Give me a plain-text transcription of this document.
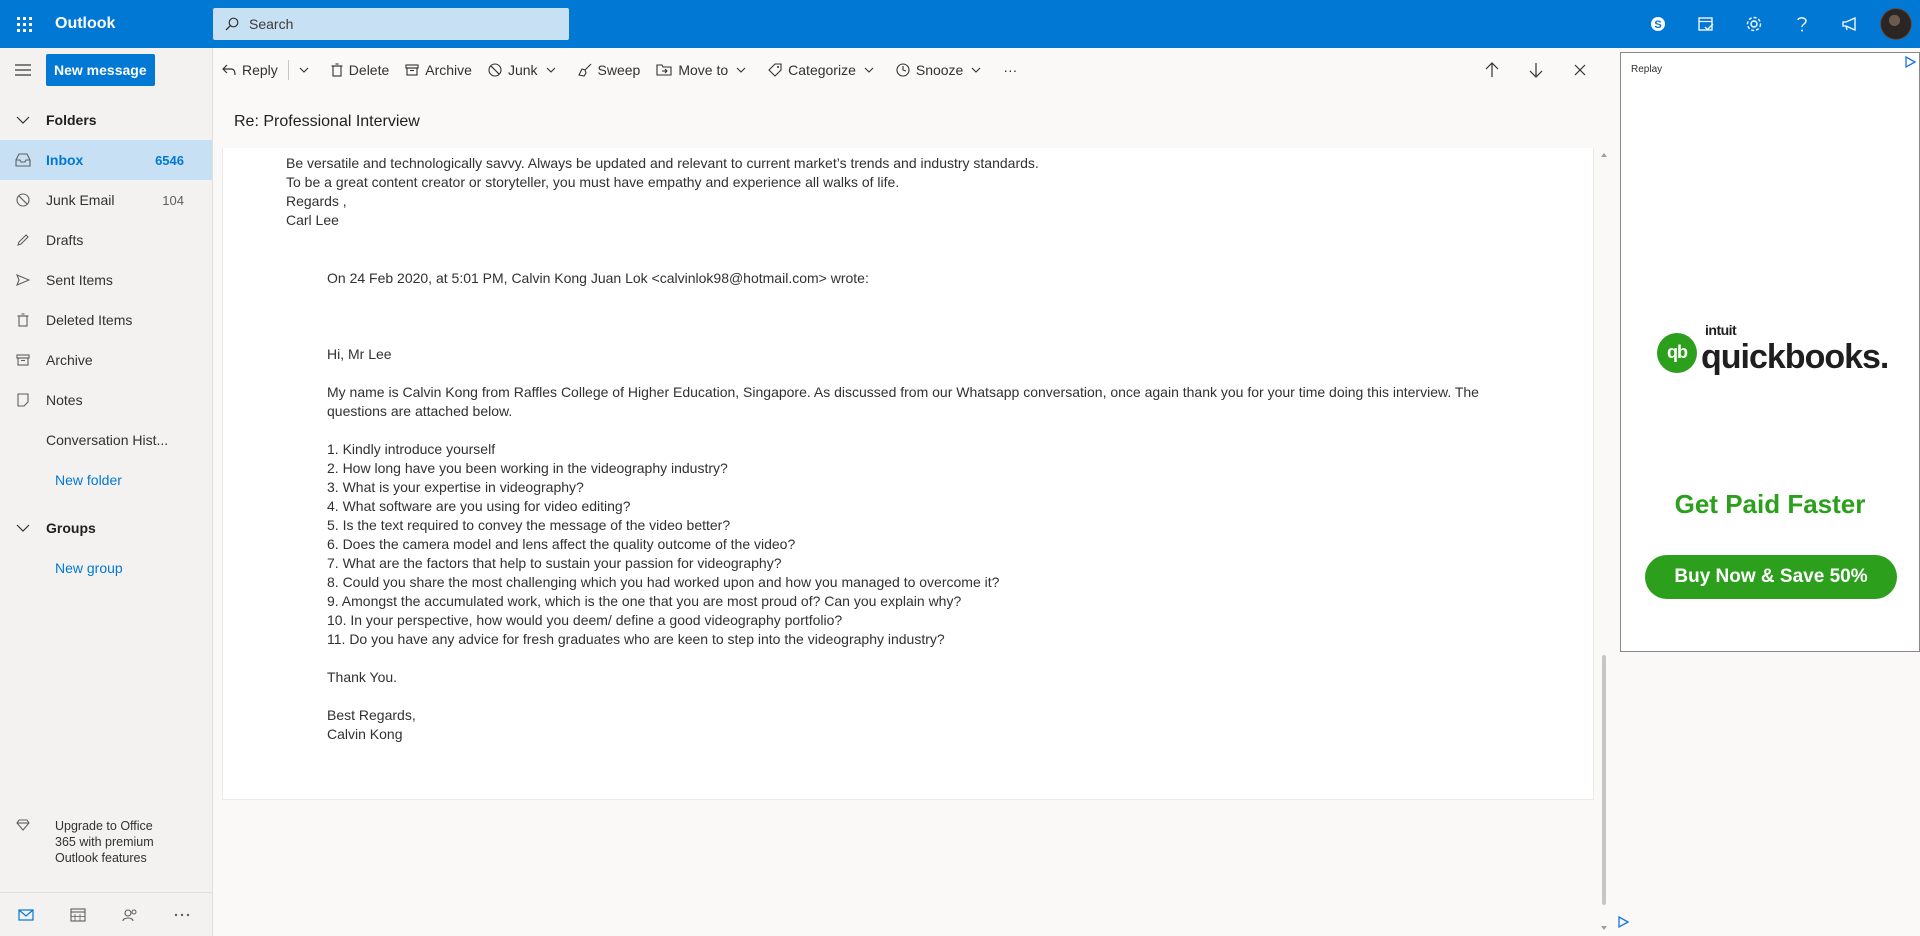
Outlook	Search	S
New message
Folders
Inbox	6546
Junk Email	104
Drafts
Sent Items
Deleted Items
Archive
Notes
Conversation Hist...
New folder
Groups
New group
Upgrade to Office 365 with premium Outlook features
Reply	Delete	Archive	Junk	Sweep	Move to	Categorize	Snooze	···
Re: Professional Interview

Be versatile and technologically savvy. Always be updated and relevant to current market’s trends and industry standards.

To be a great content creator or storyteller, you must have empathy and experience all walks of life.

Regards ,

Carl Lee

On 24 Feb 2020, at 5:01 PM, Calvin Kong Juan Lok <calvinlok98@hotmail.com> wrote:

Hi, Mr Lee

My name is Calvin Kong from Raffles College of Higher Education, Singapore. As discussed from our Whatsapp conversation, once again thank you for your time doing this interview. The

questions are attached below.

1. Kindly introduce yourself

2. How long have you been working in the videography industry?

3. What is your expertise in videography?

4. What software are you using for video editing?

5. Is the text required to convey the message of the video better?

6. Does the camera model and lens affect the quality outcome of the video?

7. What are the factors that help to sustain your passion for videography?

8. Could you share the most challenging which you had worked upon and how you managed to overcome it?

9. Amongst the accumulated work, which is the one that you are most proud of? Can you explain why?

10. In your perspective, how would you deem/ define a good videography portfolio?

11. Do you have any advice for fresh graduates who are keen to step into the videography industry?

Thank You.

Best Regards,

Calvin Kong

Replay
qb
intuit
quickbooks.
Get Paid Faster
Buy Now & Save 50%
